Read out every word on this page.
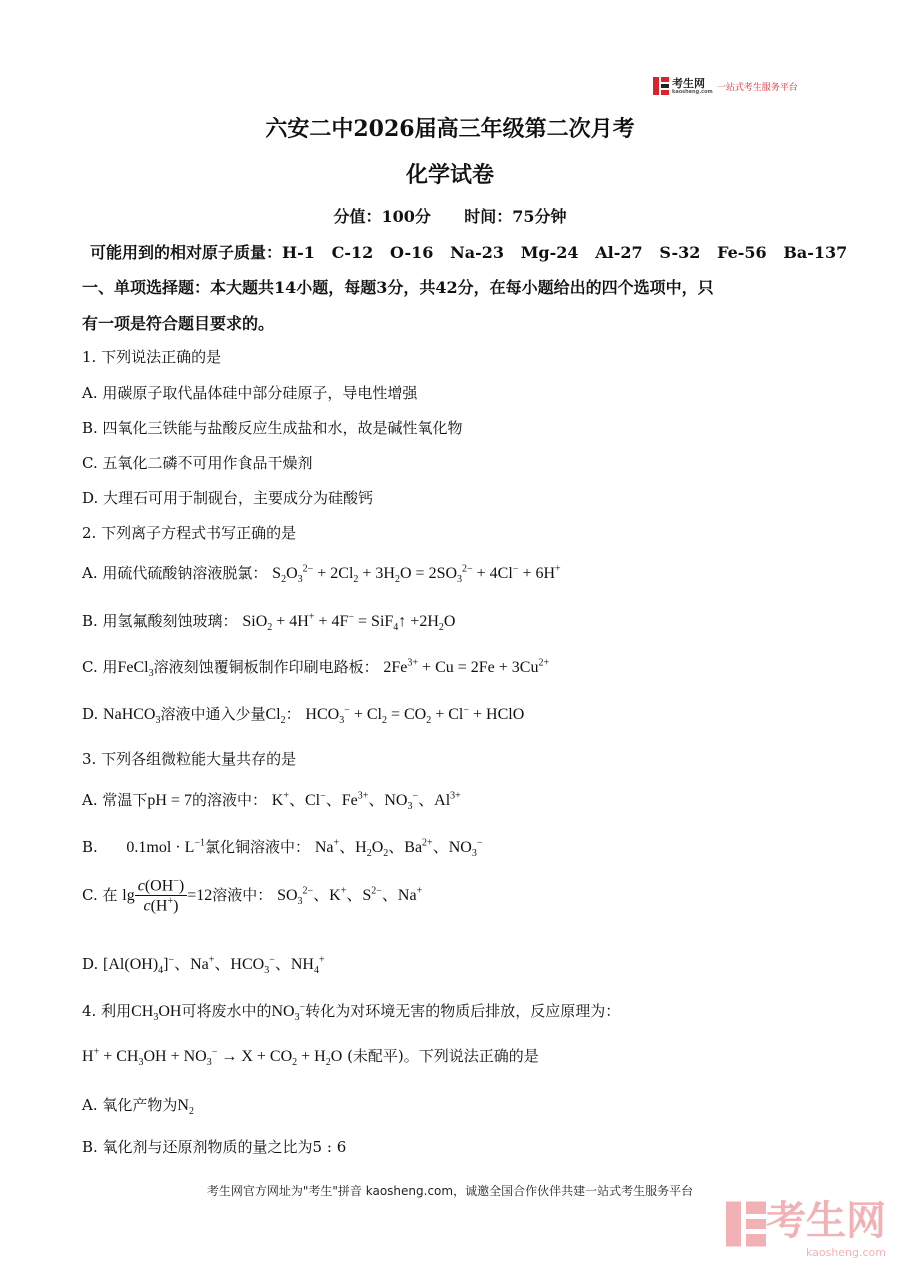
考生网
kaosheng.com 一站式考生服务平台
六安二中2026届高三年级第二次月考
化学试卷
分值：100分      时间：75分钟
可能用到的相对原子质量：H-1   C-12   O-16   Na-23   Mg-24   Al-27   S-32   Fe-56   Ba-137
一、单项选择题：本大题共14小题，每题3分，共42分，在每小题给出的四个选项中，只
有一项是符合题目要求的。
1. 下列说法正确的是
A. 用碳原子取代晶体硅中部分硅原子，导电性增强
B. 四氧化三铁能与盐酸反应生成盐和水，故是碱性氧化物
C. 五氧化二磷不可用作食品干燥剂
D. 大理石可用于制砚台，主要成分为硅酸钙
2. 下列离子方程式书写正确的是
A. 用硫代硫酸钠溶液脱氯： $S_2O_3^{2-} + 2Cl_2 + 3H_2O = 2SO_3^{2-} + 4Cl^- + 6H^+$
B. 用氢氟酸刻蚀玻璃： SiO$_2$ + 4H+ + 4F− = SiF$_4$↑ $+2H_2O$
C. 用FeCl$_3$溶液刻蚀覆铜板制作印刷电路板： $2Fe^{3+} + Cu = 2Fe + 3Cu^{2+}$
D. NaHCO$_3$溶液中通入少量$Cl_2$： $HCO_3^- + Cl_2 = CO_2 + Cl^-$ + HClO
3. 下列各组微粒能大量共存的是
A. 常温下pH = 7的溶液中： K+、Cl−、$Fe^{3+}$、$NO_3^-$、$Al^{3+}$
B. $0.1mol \cdot L^{-1}$氯化铜溶液中： Na+、$H_2O_2$、$Ba^{2+}$、$NO_3^-$
C. 在 $\lg \frac{c(OH^-)}{c(H^+)} =12$溶液中： $SO_3^{2-}$、K+、$S^{2-}$、Na+
D. $[Al(OH)_4]^-$、Na+、$HCO_3^-$、$NH_4^+$
4. 利用$CH_3OH$可将废水中的$NO_3^-$转化为对环境无害的物质后排放，反应原理为：
$H^+ + CH_3OH + NO_3^- \to X + CO_2 + H_2O$ (未配平)。下列说法正确的是
A. 氧化产物为$N_2$
B. 氧化剂与还原剂物质的量之比为5 : 6
考生网官方网址为"考生"拼音 kaosheng.com，诚邀全国合作伙伴共建一站式考生服务平台
考生网
kaosheng.com
